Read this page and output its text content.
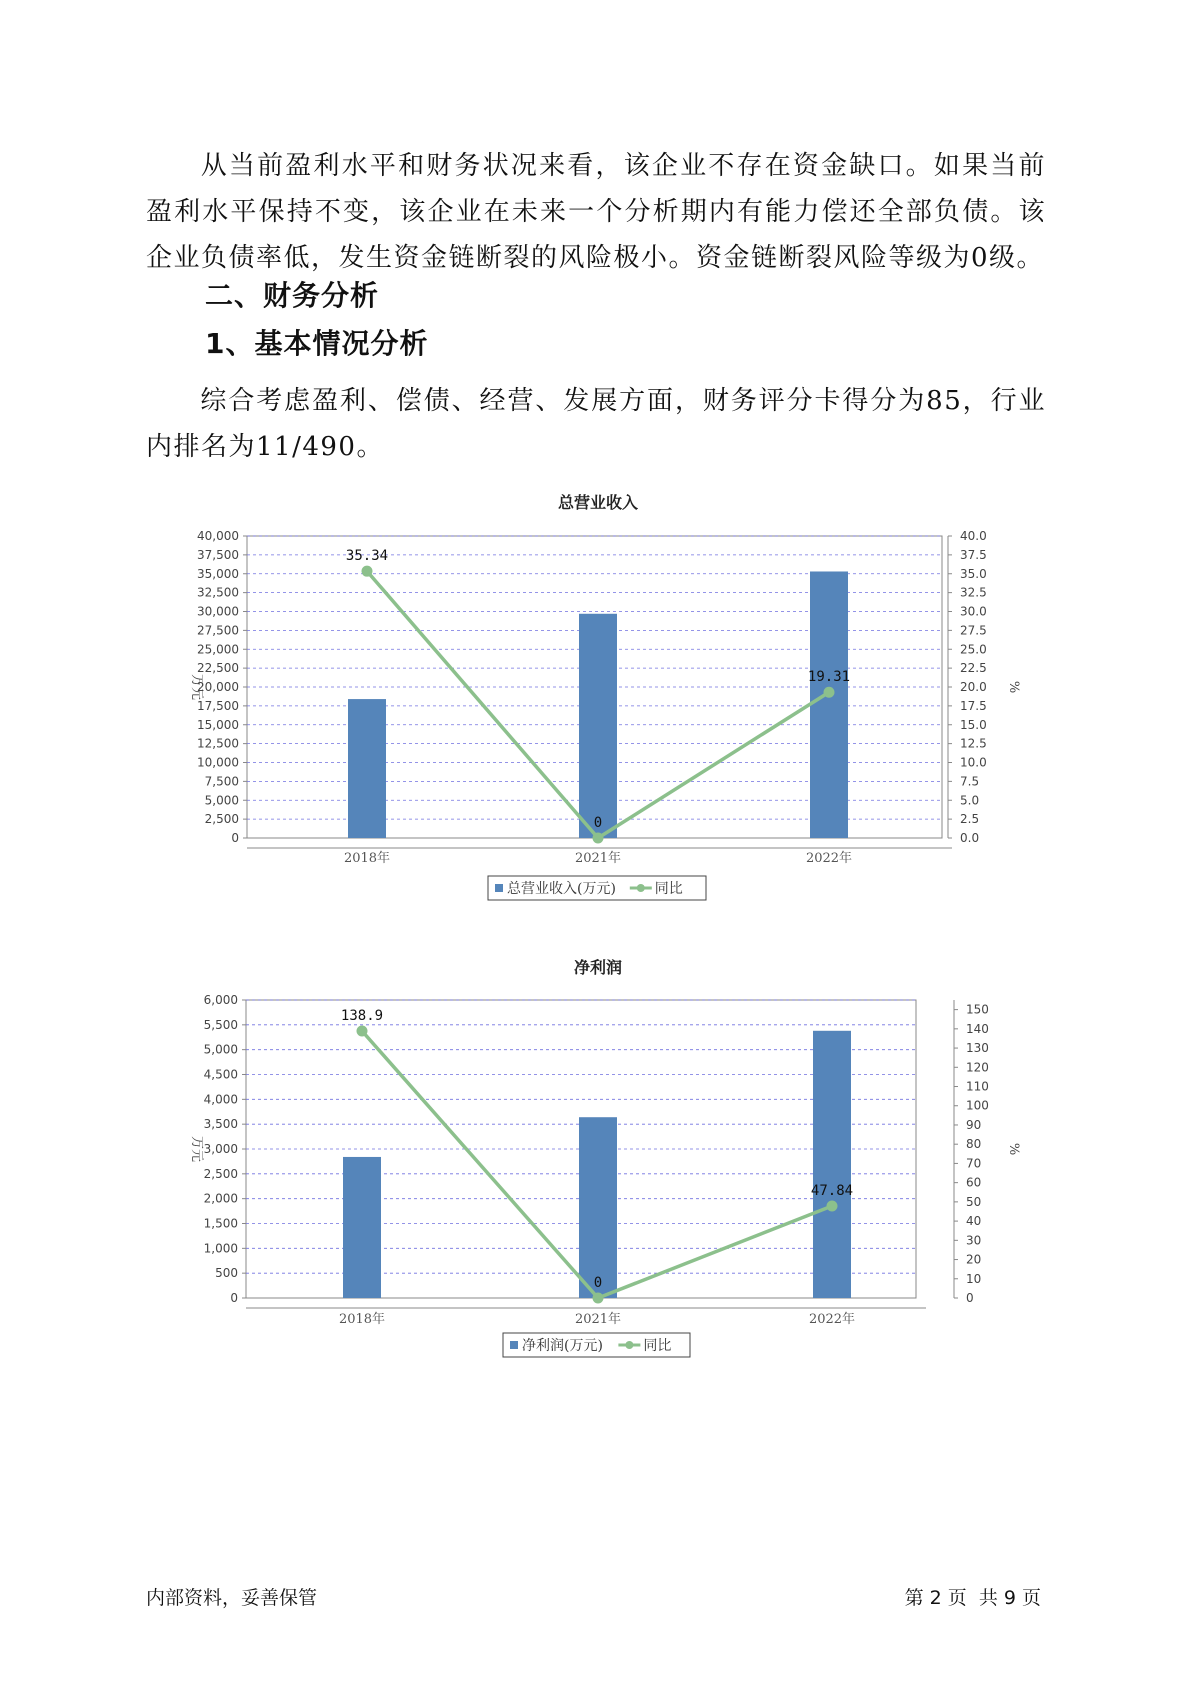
从当前盈利水平和财务状况来看，该企业不存在资金缺口。如果当前盈利水平保持不变，该企业在未来一个分析期内有能力偿还全部负债。该企业负债率低，发生资金链断裂的风险极小。资金链断裂风险等级为0级。

二、财务分析
1、基本情况分析

综合考虑盈利、偿债、经营、发展方面，财务评分卡得分为85，行业内排名为11/490。

总营业收入
40,000
37,500
35,000
32,500
30,000
27,500
25,000
22,500
20,000
17,500
15,000
12,500
10,000
7,500
5,000
2,500
0
40.0
37.5
35.0
32.5
30.0
27.5
25.0
22.5
20.0
17.5
15.0
12.5
10.0
7.5
5.0
2.5
0.0
万元	%
2018年	2021年	2022年
35.34
0
19.31
总营业收入(万元)	同比
净利润
6,000
5,500
5,000
4,500
4,000
3,500
3,000
2,500
2,000
1,500
1,000
500
0
150
140
130
120
110
100
90
80
70
60
50
40
30
20
10
0
万元	%
2018年	2021年	2022年
138.9
0
47.84
净利润(万元)	同比
内部资料，妥善保管	第 2 页  共 9 页
